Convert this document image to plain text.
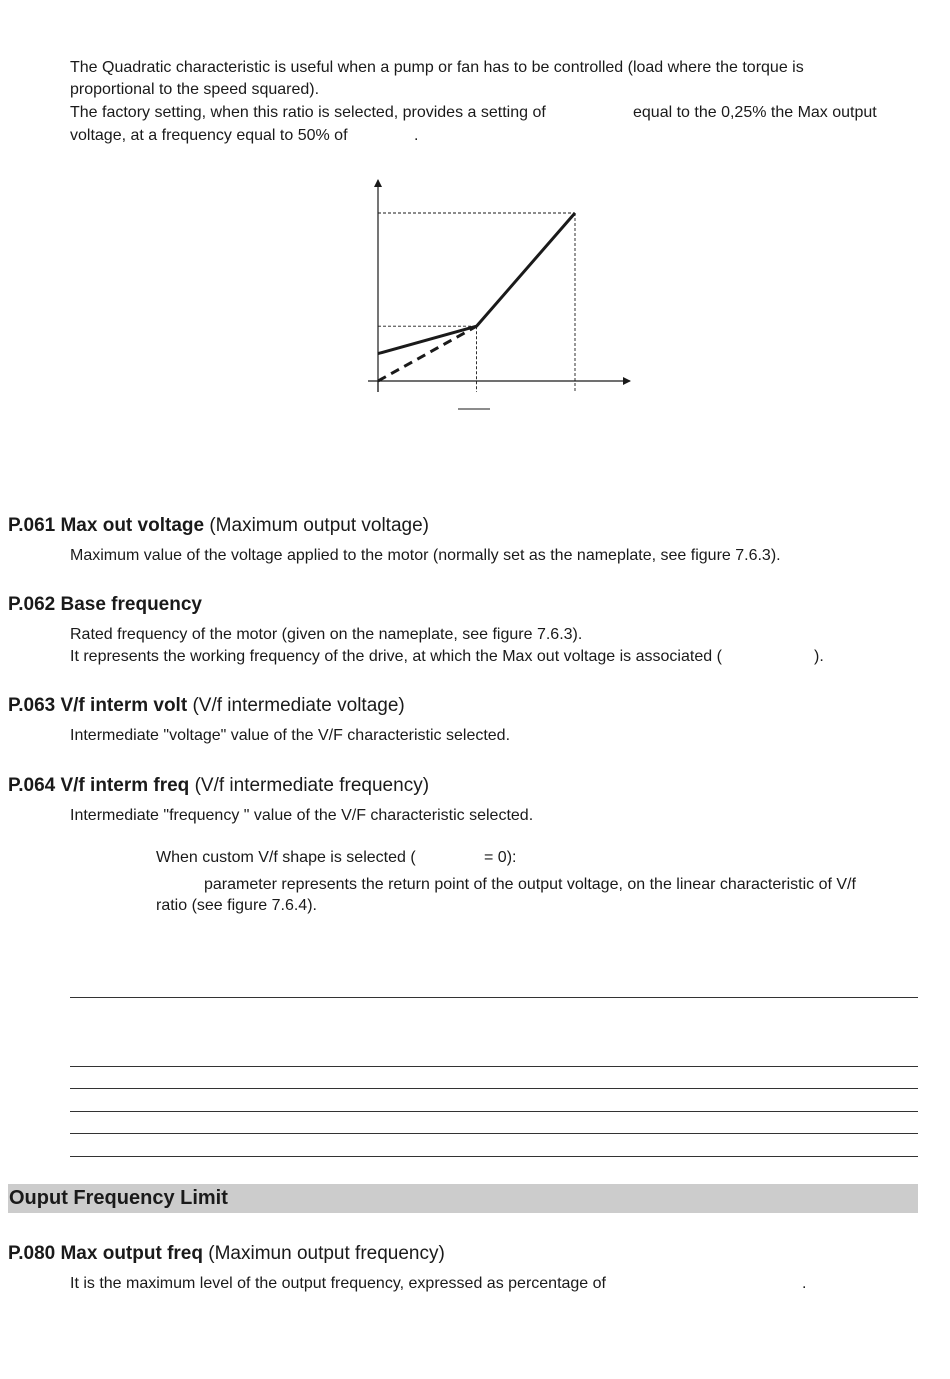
The Quadratic characteristic is useful when a pump or fan has to be controlled (load where the torque is

proportional to the speed squared).

The factory setting, when this ratio is selected, provides a setting of	equal to the 0,25% the Max output

voltage, at a frequency equal to 50% of	.

P.061 Max out voltage (Maximum output voltage)

Maximum value of the voltage applied to the motor (normally set as the nameplate, see figure 7.6.3).

P.062 Base frequency

Rated frequency of the motor (given on the nameplate, see figure 7.6.3).

It represents the working frequency of the drive, at which the Max out voltage is associated (	).

P.063 V/f interm volt (V/f intermediate voltage)

Intermediate "voltage" value of the V/F characteristic selected.

P.064 V/f interm freq (V/f intermediate frequency)

Intermediate "frequency " value of the V/F characteristic selected.

When custom V/f shape is selected (	= 0):

parameter represents the return point of the output voltage, on the linear characteristic of V/f

ratio (see figure 7.6.4).

Ouput Frequency Limit

P.080 Max output freq (Maximun output frequency)

It is the maximum level of the output frequency, expressed as percentage of	.
